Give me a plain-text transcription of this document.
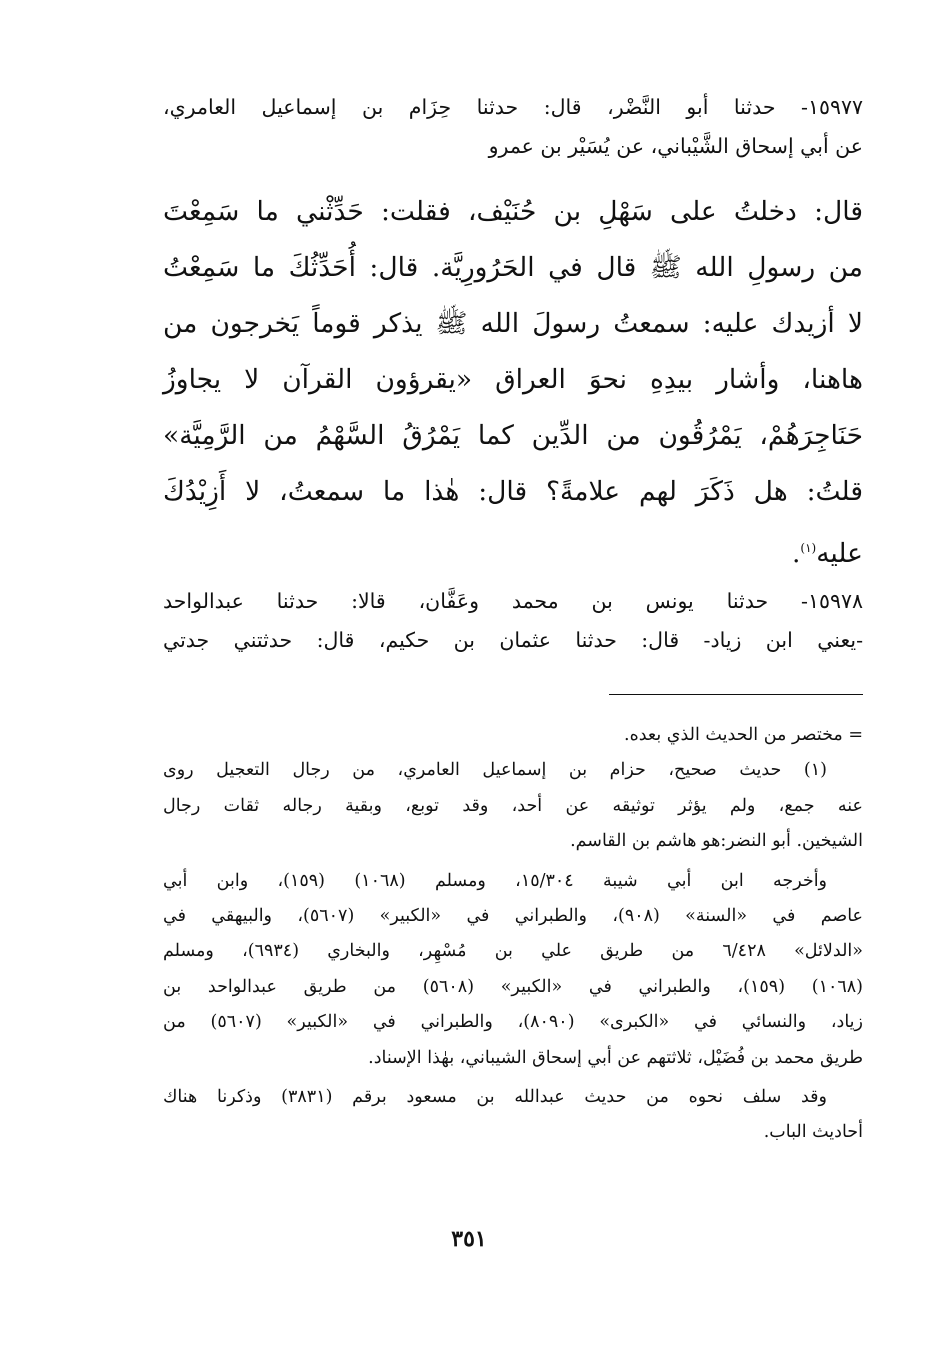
١٥٩٧٧- حدثنا أبو النَّضْر، قال: حدثنا حِزَام بن إسماعيل العامري،
عن أبي إسحاق الشَّيْباني، عن يُسَيْر بن عمرو
قال: دخلتُ على سَهْلِ بن حُنَيْف، فقلت: حَدِّثْني ما سَمِعْتَ
من رسولِ الله ﷺ قال في الحَرُورِيَّة. قال: أُحَدِّثُكَ ما سَمِعْتُ
لا أزيدك عليه: سمعتُ رسولَ الله ﷺ يذكر قوماً يَخرجون من
هاهنا، وأشار بيدِهِ نحوَ العراق «يقرؤون القرآن لا يجاوزُ
حَنَاجِرَهُمْ، يَمْرُقُون من الدِّين كما يَمْرُقُ السَّهْمُ من الرَّمِيَّة»
قلتُ: هل ذَكَرَ لهم علامةً؟ قال: هٰذا ما سمعتُ، لا أَزِيْدُكَ
عليه$^{(١)}$.
١٥٩٧٨- حدثنا يونس بن محمد وعَفَّان، قالا: حدثنا عبدالواحد
-يعني ابن زياد- قال: حدثنا عثمان بن حكيم، قال: حدثتني جدتي

= مختصر من الحديث الذي بعده.

(١) حديث صحيح، حزام بن إسماعيل العامري، من رجال التعجيل روى
عنه جمع، ولم يؤثر توثيقه عن أحد، وقد توبع، وبقية رجاله ثقات رجال
الشيخين. أبو النضر:هو هاشم بن القاسم.

وأخرجه ابن أبي شيبة ١٥/٣٠٤، ومسلم (١٠٦٨) (١٥٩)، وابن أبي
عاصم في «السنة» (٩٠٨)، والطبراني في «الكبير» (٥٦٠٧)، والبيهقي في
«الدلائل» ٦/٤٢٨ من طريق علي بن مُسْهِر، والبخاري (٦٩٣٤)، ومسلم
(١٠٦٨) (١٥٩)، والطبراني في «الكبير» (٥٦٠٨) من طريق عبدالواحد بن
زياد، والنسائي في «الكبرى» (٨٠٩٠)، والطبراني في «الكبير» (٥٦٠٧) من
طريق محمد بن فُضَيْل، ثلاثتهم عن أبي إسحاق الشيباني، بهٰذا الإسناد.

وقد سلف نحوه من حديث عبدالله بن مسعود برقم (٣٨٣١) وذكرنا هناك
أحاديث الباب.

٣٥١
